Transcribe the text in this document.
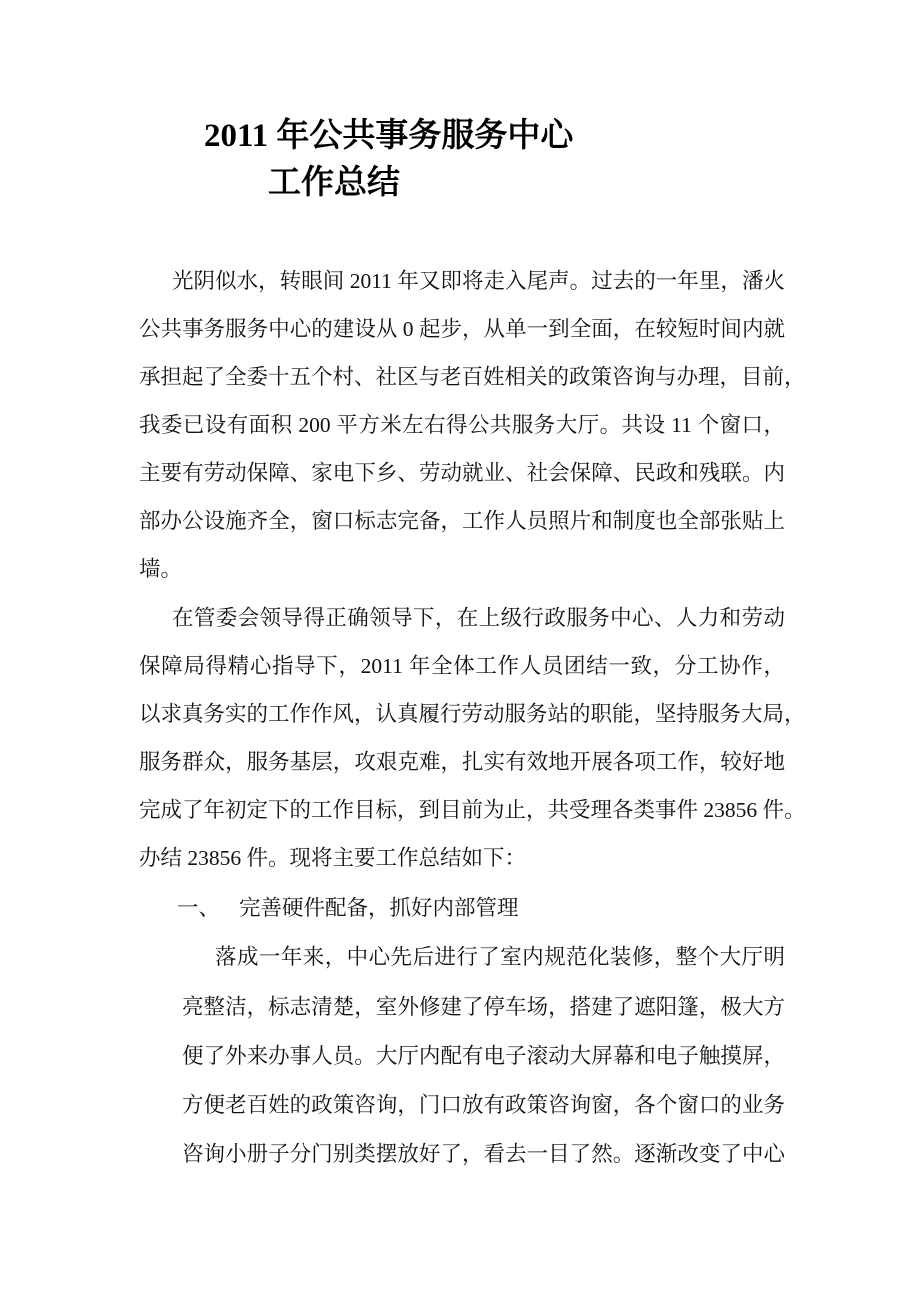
2011 年公共事务服务中心
工作总结
光阴似水，转眼间 2011 年又即将走入尾声。过去的一年里，潘火
公共事务服务中心的建设从 0 起步，从单一到全面，在较短时间内就
承担起了全委十五个村、社区与老百姓相关的政策咨询与办理，目前，
我委已设有面积 200 平方米左右得公共服务大厅。共设 11 个窗口，
主要有劳动保障、家电下乡、劳动就业、社会保障、民政和残联。内
部办公设施齐全，窗口标志完备，工作人员照片和制度也全部张贴上
墙。
在管委会领导得正确领导下，在上级行政服务中心、人力和劳动
保障局得精心指导下，2011 年全体工作人员团结一致，分工协作，
以求真务实的工作作风，认真履行劳动服务站的职能，坚持服务大局，
服务群众，服务基层，攻艰克难，扎实有效地开展各项工作，较好地
完成了年初定下的工作目标，到目前为止，共受理各类事件 23856 件。
办结 23856 件。现将主要工作总结如下：
一、 完善硬件配备，抓好内部管理
落成一年来，中心先后进行了室内规范化装修，整个大厅明
亮整洁，标志清楚，室外修建了停车场，搭建了遮阳篷，极大方
便了外来办事人员。大厅内配有电子滚动大屏幕和电子触摸屏，
方便老百姓的政策咨询，门口放有政策咨询窗，各个窗口的业务
咨询小册子分门别类摆放好了，看去一目了然。逐渐改变了中心
